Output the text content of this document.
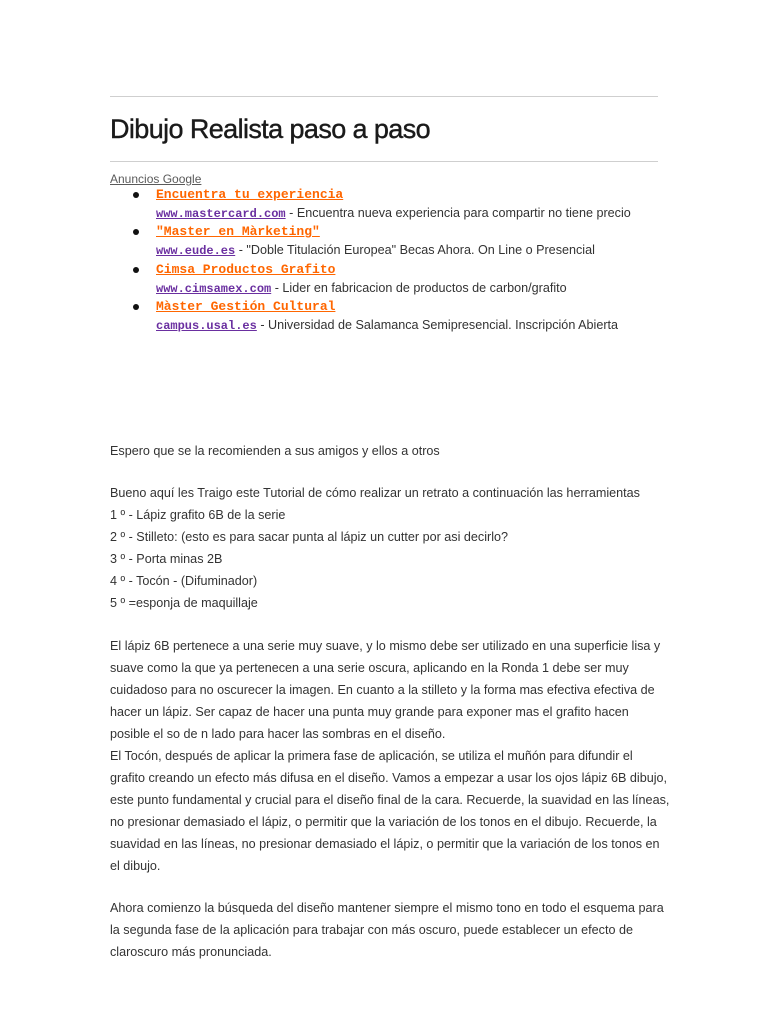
Dibujo Realista paso a paso
Anuncios Google
Encuentra tu experiencia
www.mastercard.com - Encuentra nueva experiencia para compartir no tiene precio
"Master en Màrketing"
www.eude.es - "Doble Titulación Europea" Becas Ahora. On Line o Presencial
Cimsa Productos Grafito
www.cimsamex.com - Lider en fabricacion de productos de carbon/grafito
Màster Gestión Cultural
campus.usal.es - Universidad de Salamanca Semipresencial. Inscripción Abierta

Espero que se la recomienden a sus amigos y ellos a otros

Bueno aquí les Traigo este Tutorial de cómo realizar un retrato a continuación las herramientas

1 º - Lápiz grafito 6B de la serie

2 º - Stilleto: (esto es para sacar punta al lápiz un cutter por asi decirlo?

3 º - Porta minas 2B

4 º - Tocón - (Difuminador)

5 º =esponja de maquillaje

El lápiz 6B pertenece a una serie muy suave, y lo mismo debe ser utilizado en una superficie lisa y suave como la que ya pertenecen a una serie oscura, aplicando en la Ronda 1 debe ser muy cuidadoso para no oscurecer la imagen. En cuanto a la stilleto y la forma mas efectiva efectiva de hacer un lápiz. Ser capaz de hacer una punta muy grande para exponer mas el grafito hacen posible el so de n lado para hacer las sombras en el diseño.

El Tocón, después de aplicar la primera fase de aplicación, se utiliza el muñón para difundir el grafito creando un efecto más difusa en el diseño. Vamos a empezar a usar los ojos lápiz 6B dibujo, este punto fundamental y crucial para el diseño final de la cara. Recuerde, la suavidad en las líneas, no presionar demasiado el lápiz, o permitir que la variación de los tonos en el dibujo. Recuerde, la suavidad en las líneas, no presionar demasiado el lápiz, o permitir que la variación de los tonos en el dibujo.

Ahora comienzo la búsqueda del diseño mantener siempre el mismo tono en todo el esquema para la segunda fase de la aplicación para trabajar con más oscuro, puede establecer un efecto de claroscuro más pronunciada.
